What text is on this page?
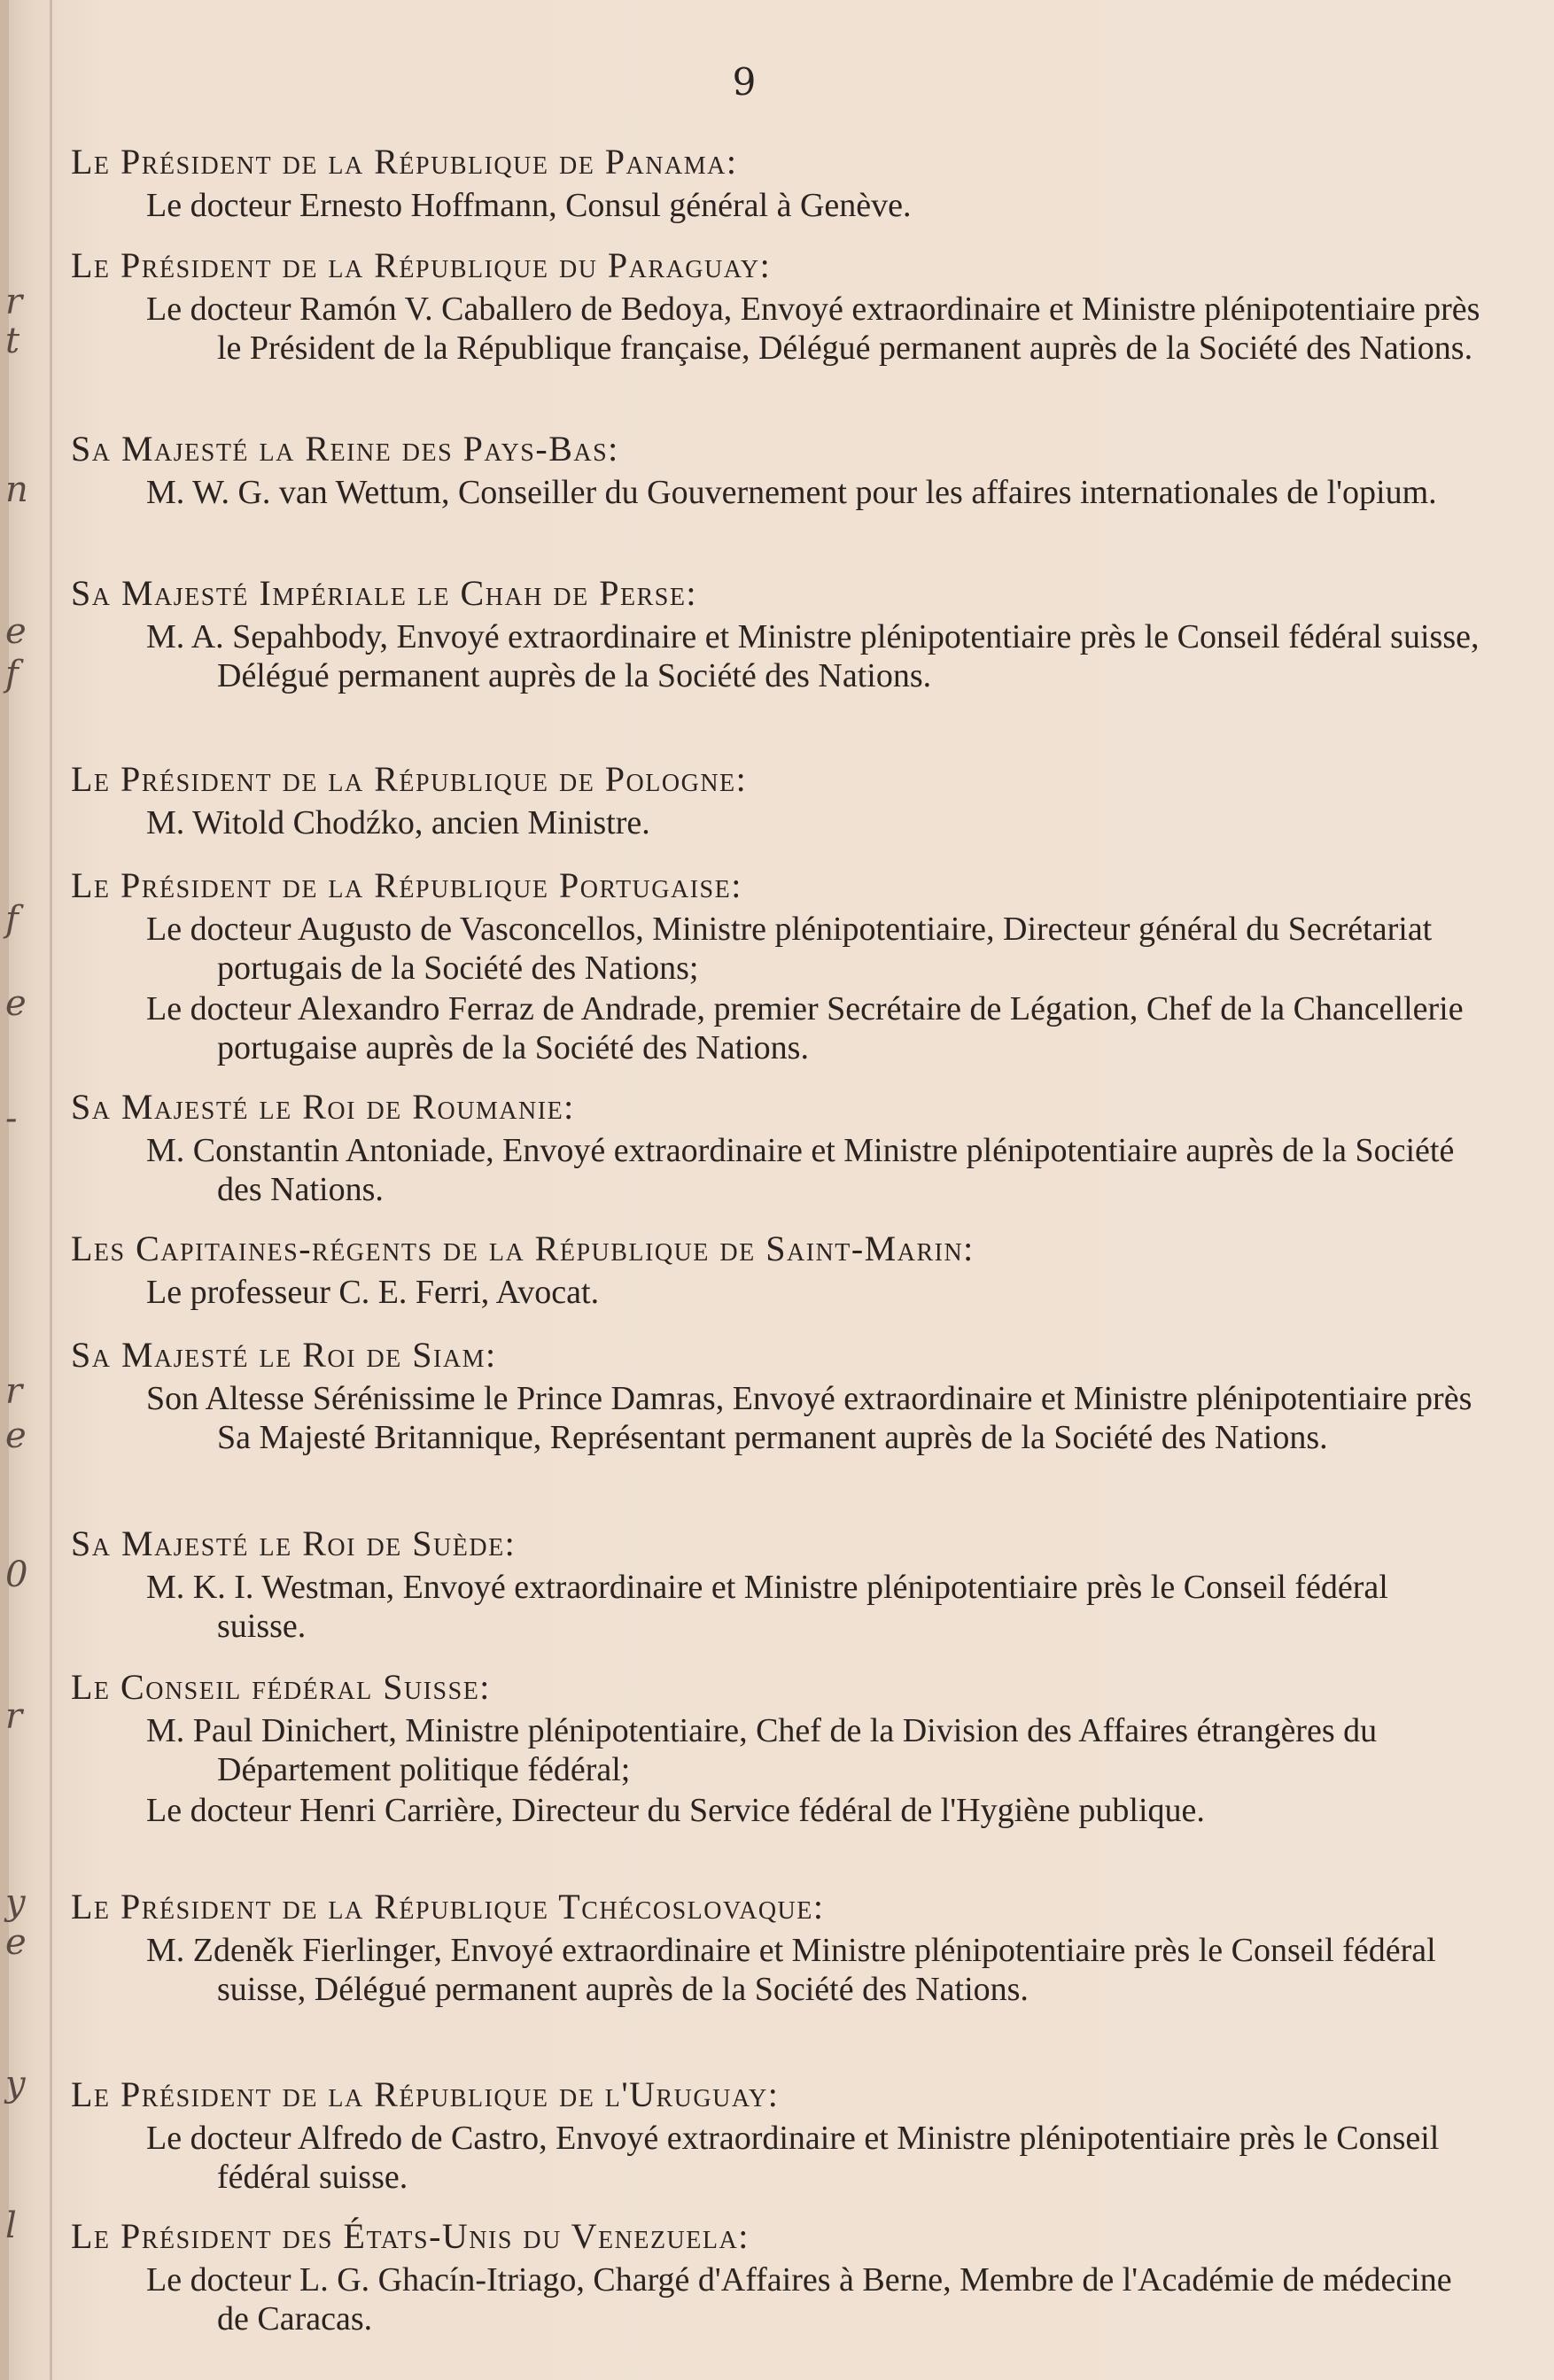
r
t
n
e
f
f
e
-
r
e
0
r
y
e
y
l
9
Le Président de la République de Panama:
Le docteur Ernesto Hoffmann, Consul général à Genève.
Le Président de la République du Paraguay:
Le docteur Ramón V. Caballero de Bedoya, Envoyé extraordinaire et Ministre plénipotentiaire près le Président de la République française, Délégué permanent auprès de la Société des Nations.
Sa Majesté la Reine des Pays-Bas:
M. W. G. van Wettum, Conseiller du Gouvernement pour les affaires internationales de l'opium.
Sa Majesté Impériale le Chah de Perse:
M. A. Sepahbody, Envoyé extraordinaire et Ministre plénipotentiaire près le Conseil fédéral suisse, Délégué permanent auprès de la Société des Nations.
Le Président de la République de Pologne:
M. Witold Chodźko, ancien Ministre.
Le Président de la République Portugaise:
Le docteur Augusto de Vasconcellos, Ministre plénipotentiaire, Directeur général du Secrétariat portugais de la Société des Nations;
Le docteur Alexandro Ferraz de Andrade, premier Secrétaire de Légation, Chef de la Chancellerie portugaise auprès de la Société des Nations.
Sa Majesté le Roi de Roumanie:
M. Constantin Antoniade, Envoyé extraordinaire et Ministre plénipotentiaire auprès de la Société des Nations.
Les Capitaines-régents de la République de Saint-Marin:
Le professeur C. E. Ferri, Avocat.
Sa Majesté le Roi de Siam:
Son Altesse Sérénissime le Prince Damras, Envoyé extraordinaire et Ministre plénipotentiaire près Sa Majesté Britannique, Représentant permanent auprès de la Société des Nations.
Sa Majesté le Roi de Suède:
M. K. I. Westman, Envoyé extraordinaire et Ministre plénipotentiaire près le Conseil fédéral suisse.
Le Conseil fédéral Suisse:
M. Paul Dinichert, Ministre plénipotentiaire, Chef de la Division des Affaires étrangères du Département politique fédéral;
Le docteur Henri Carrière, Directeur du Service fédéral de l'Hygiène publique.
Le Président de la République Tchécoslovaque:
M. Zdeněk Fierlinger, Envoyé extraordinaire et Ministre plénipotentiaire près le Conseil fédéral suisse, Délégué permanent auprès de la Société des Nations.
Le Président de la République de l'Uruguay:
Le docteur Alfredo de Castro, Envoyé extraordinaire et Ministre plénipotentiaire près le Conseil fédéral suisse.
Le Président des États-Unis du Venezuela:
Le docteur L. G. Ghacín-Itriago, Chargé d'Affaires à Berne, Membre de l'Académie de médecine de Caracas.
